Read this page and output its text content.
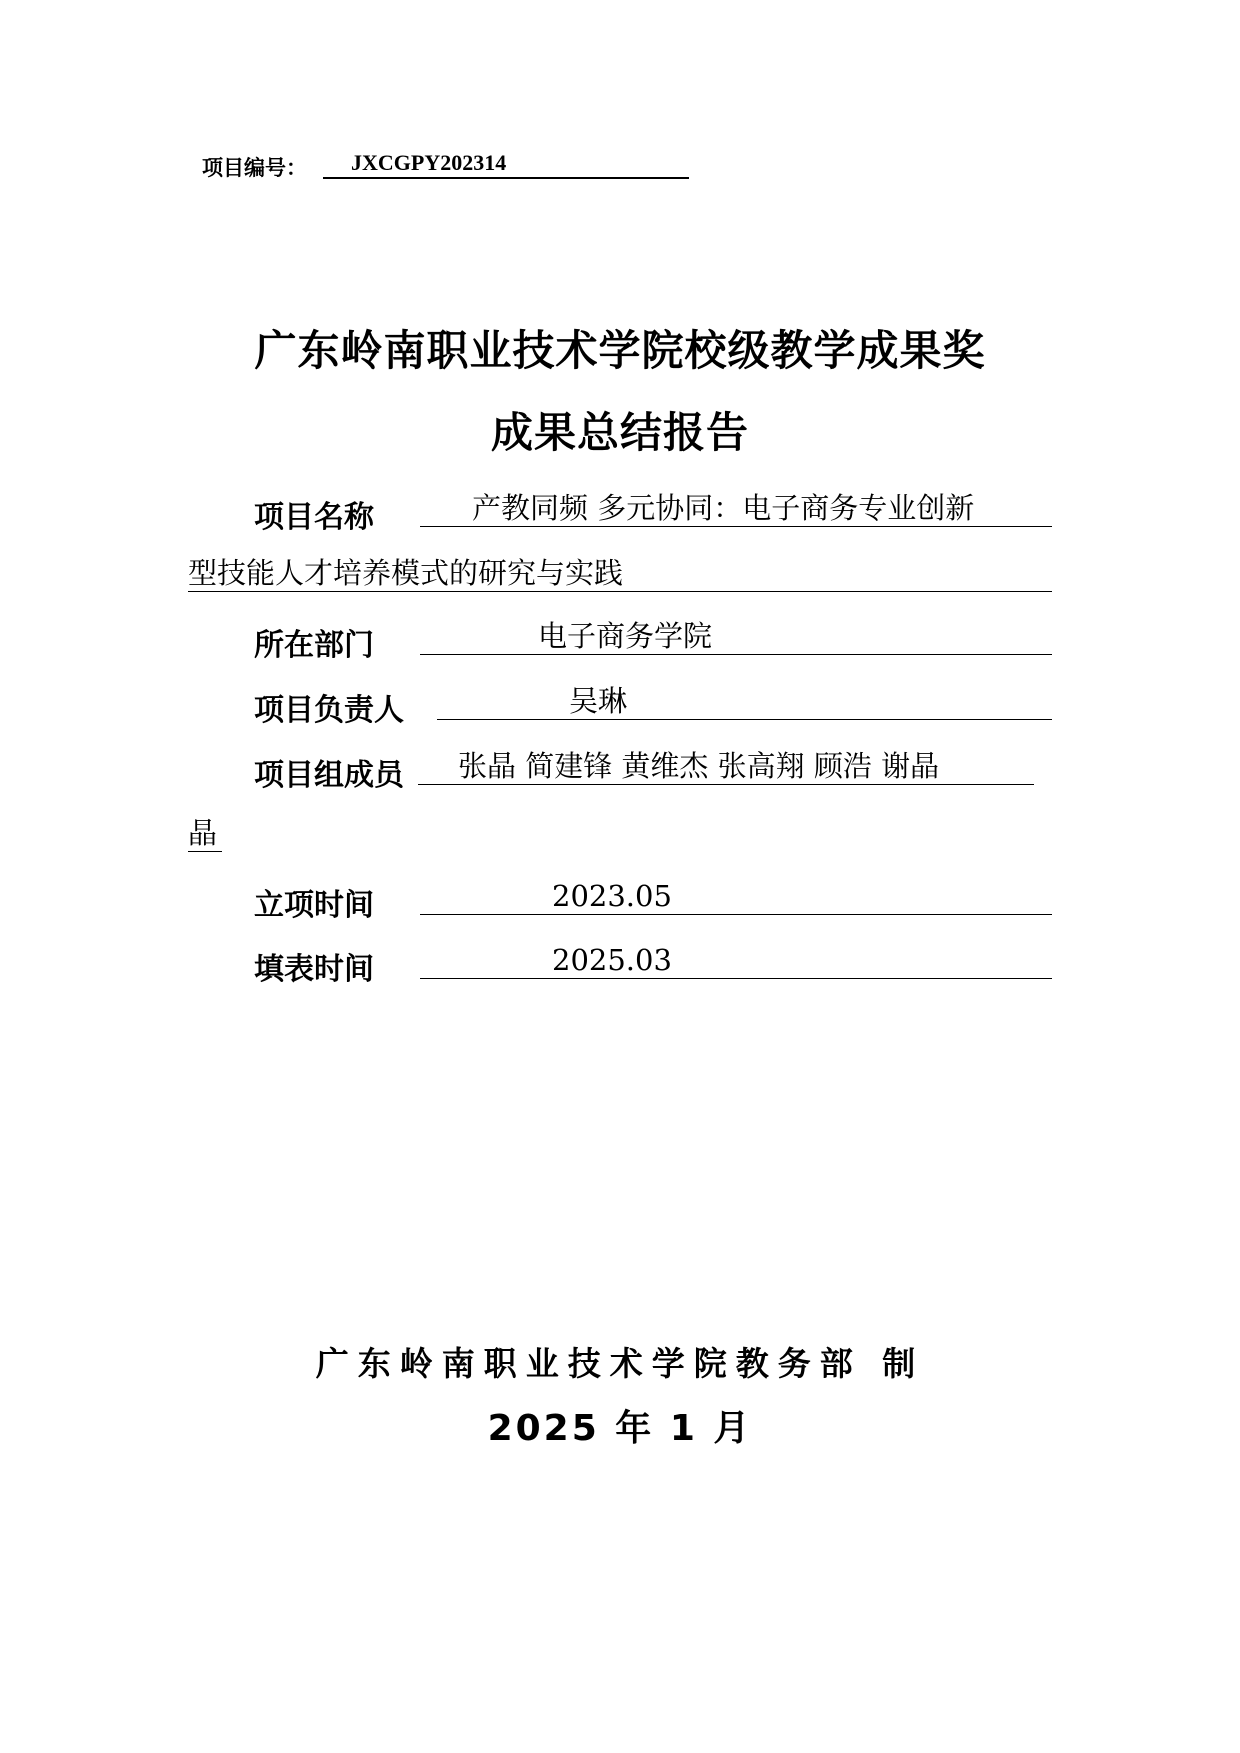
项目编号：	JXCGPY202314
广东岭南职业技术学院校级教学成果奖
成果总结报告
项目名称	产教同频 多元协同：电子商务专业创新
型技能人才培养模式的研究与实践
所在部门	电子商务学院
项目负责人	吴琳
项目组成员	张晶 简建锋 黄维杰 张高翔 顾浩 谢晶
晶
立项时间	2023.05
填表时间	2025.03
广东岭南职业技术学院教务部 制
2025 年 1 月
